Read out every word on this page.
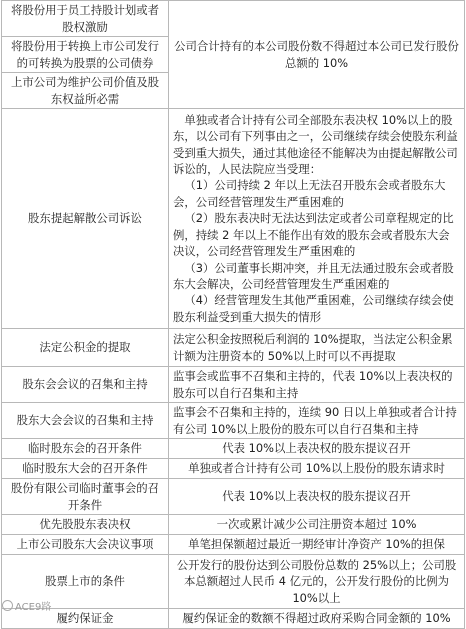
将股份用于员工持股计划或者股权激励	公司合计持有的本公司股份数不得超过本公司已发行股份总额的 10%
将股份用于转换上市公司发行的可转换为股票的公司债券	
上市公司为维护公司价值及股东权益所必需	
股东提起解散公司诉讼	单独或者合计持有公司全部股东表决权 10%以上的股东，以公司有下列事由之一，公司继续存续会使股东利益受到重大损失，通过其他途径不能解决为由提起解散公司诉讼的，人民法院应当受理：
（1）公司持续 2 年以上无法召开股东会或者股东大会，公司经营管理发生严重困难的
（2）股东表决时无法达到法定或者公司章程规定的比例，持续 2 年以上不能作出有效的股东会或者股东大会决议，公司经营管理发生严重困难的
（3）公司董事长期冲突，并且无法通过股东会或者股东大会解决，公司经营管理发生严重困难的
（4）经营管理发生其他严重困难，公司继续存续会使股东利益受到重大损失的情形

法定公积金的提取	法定公积金按照税后利润的 10%提取，当法定公积金累计额为注册资本的 50%以上时可以不再提取
股东会会议的召集和主持	监事会或监事不召集和主持的，代表 10%以上表决权的股东可以自行召集和主持
股东大会会议的召集和主持	监事会不召集和主持的，连续 90 日以上单独或者合计持有公司 10%以上股份的股东可以自行召集和主持
临时股东会的召开条件	代表 10%以上表决权的股东提议召开
临时股东大会的召开条件	单独或者合计持有公司 10%以上股份的股东请求时
股份有限公司临时董事会的召开条件	代表 10%以上表决权的股东提议召开
优先股股东表决权	一次或累计减少公司注册资本超过 10%
上市公司股东大会决议事项	单笔担保额超过最近一期经审计净资产 10%的担保
股票上市的条件	公开发行的股份达到公司股份总数的 25%以上；公司股本总额超过人民币 4 亿元的，公开发行股份的比例为 10%以上
履约保证金	履约保证金的数额不得超过政府采购合同金额的 10%
ACE9路
